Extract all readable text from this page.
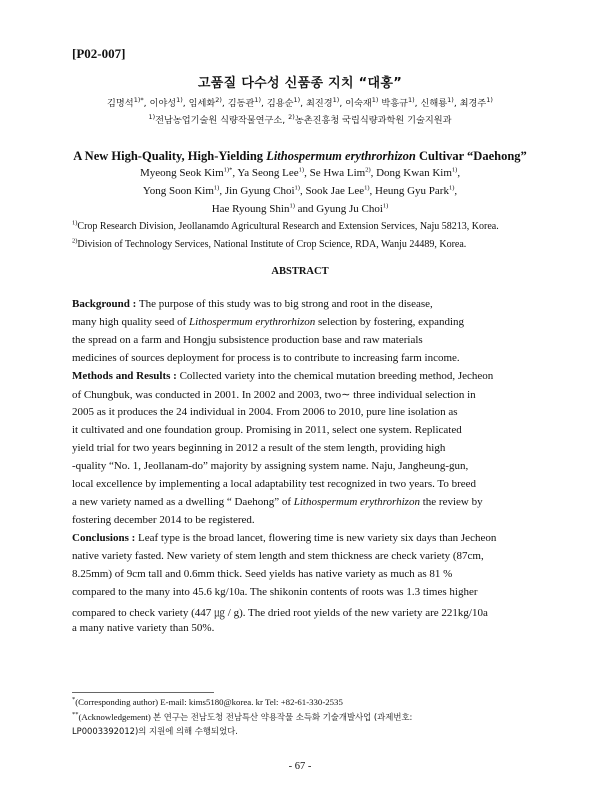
[P02-007]
고품질 다수성 신품종 지치 “대홍”
김명석$^{1)*}$, 이야성$^{1)}$, 임세화$^{2)}$, 김동관$^{1)}$, 김용순$^{1)}$, 최진경$^{1)}$, 이숙재$^{1)}$ 박흥규$^{1)}$, 신해룡$^{1)}$, 최경주$^{1)}$
$^{1)}$전남농업기술원 식량작물연구소, $^{2)}$농촌진흥청 국립식량과학원 기술지원과
A New High-Quality, High-Yielding Lithospermum erythrorhizon Cultivar “Daehong”
Myeong Seok Kim$^{1)*}$, Ya Seong Lee$^{1)}$, Se Hwa Lim$^{2)}$, Dong Kwan Kim$^{1)}$,
Yong Soon Kim$^{1)}$, Jin Gyung Choi$^{1)}$, Sook Jae Lee$^{1)}$, Heung Gyu Park$^{1)}$,
Hae Ryoung Shin$^{1)}$ and Gyung Ju Choi$^{1)}$
$^{1)}$Crop Research Division, Jeollanamdo Agricultural Research and Extension Services, Naju 58213, Korea.
$^{2)}$Division of Technology Services, National Institute of Crop Science, RDA, Wanju 24489, Korea.
ABSTRACT
Background : The purpose of this study was to big strong and root in the disease,
many high quality seed of Lithospermum erythrorhizon selection by fostering, expanding
the spread on a farm and Hongju subsistence production base and raw materials
medicines of sources deployment for process is to contribute to increasing farm income.
Methods and Results : Collected variety into the chemical mutation breeding method, Jecheon
of Chungbuk, was conducted in 2001. In 2002 and 2003, two∼ three individual selection in
2005 as it produces the 24 individual in 2004. From 2006 to 2010, pure line isolation as
it cultivated and one foundation group. Promising in 2011, select one system. Replicated
yield trial for two years beginning in 2012 a result of the stem length, providing high
-quality “No. 1, Jeollanam-do” majority by assigning system name. Naju, Jangheung-gun,
local excellence by implementing a local adaptability test recognized in two years. To breed
a new variety named as a dwelling “ Daehong” of Lithospermum erythrorhizon the review by
fostering december 2014 to be registered.
Conclusions : Leaf type is the broad lancet, flowering time is new variety six days than Jecheon
native variety fasted. New variety of stem length and stem thickness are check variety (87cm,
8.25mm) of 9cm tall and 0.6mm thick. Seed yields has native variety as much as 81 %
compared to the many into 45.6 kg/10a. The shikonin contents of roots was 1.3 times higher
compared to check variety (447 ㎍ / g). The dried root yields of the new variety are 221kg/10a
a many native variety than 50%.
*(Corresponding author) E-mail: kims5180@korea. kr Tel: +82-61-330-2535
**(Acknowledgement) 본 연구는 전남도청 전남특산 약용작물 소득화 기술개발사업 (과제번호:
LP0003392012)의 지원에 의해 수행되었다.
- 67 -
